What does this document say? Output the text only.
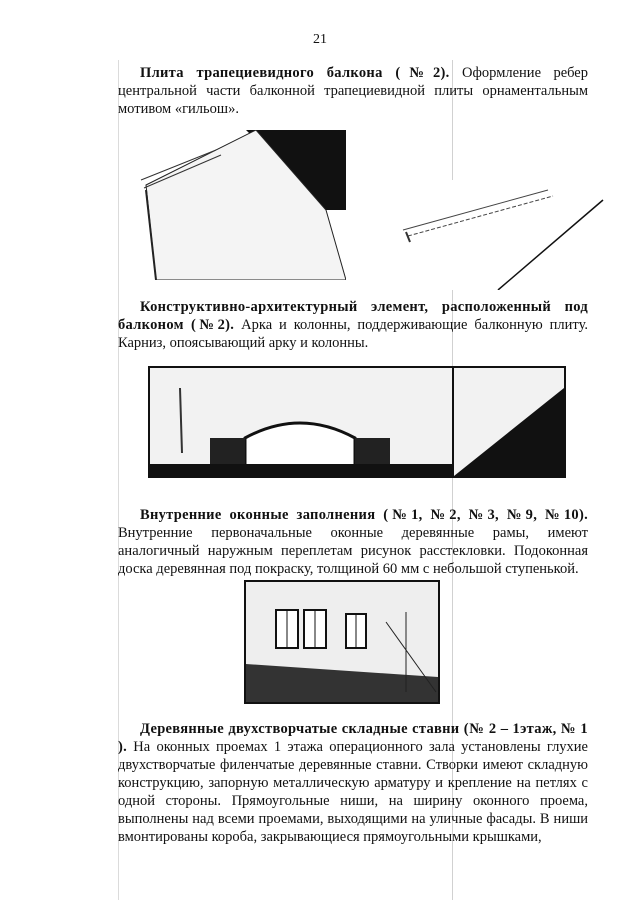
21

Плита трапециевидного балкона (№2). Оформление ребер центральной части балконной трапециевидной плиты орнаментальным мотивом «гильош».

Конструктивно-архитектурный элемент, расположенный под балконом (№2). Арка и колонны, поддерживающие балконную плиту. Карниз, опоясывающий арку и колонны.

Внутренние оконные заполнения (№1, №2, №3, №9, №10). Внутренние первоначальные оконные деревянные рамы, имеют аналогичный наружным переплетам рисунок расстекловки. Подоконная доска деревянная под покраску, толщиной 60 мм с небольшой ступенькой.

Деревянные двухстворчатые складные ставни (№ 2 – 1этаж, № 1 ). На оконных проемах 1 этажа операционного зала установлены глухие двухстворчатые филенчатые деревянные ставни. Створки имеют складную конструкцию, запорную металлическую арматуру и крепление на петлях с одной стороны. Прямоугольные ниши, на ширину оконного проема, выполнены над всеми проемами, выходящими на уличные фасады. В ниши вмонтированы короба, закрывающиеся прямоугольными крышками,
